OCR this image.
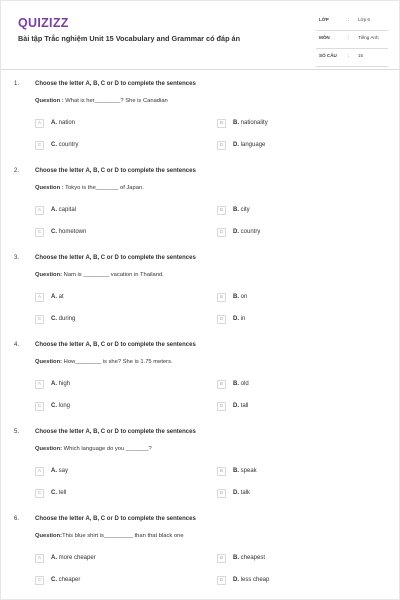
QUIZIZZ
Bài tập Trắc nghiệm Unit 15 Vocabulary and Grammar có đáp án
LỚP	: Lớp 6
MÔN	: Tiếng Anh
SỐ CÂU : 15
1.	Choose the letter A, B, C or D to complete the sentences
Question : What is her________? She is Canadian
A	A. nation	B	B. nationality
C	C. country	D	D. language
2.	Choose the letter A, B, C or D to complete the sentences
Question : Tokyo is the_______ of Japan.
A	A. capital	B	B. city
C	C. hometown	D	D. country
3.	Choose the letter A, B, C or D to complete the sentences
Question: Nam is ________ vacation in Thailand.
A	A. at	B	B. on
C	C. during	D	D. in
4.	Choose the letter A, B, C or D to complete the sentences
Question: How________ is she? She is 1.75 meters.
A	A. high	B	B. old
C	C. long	D	D. tall
5.	Choose the letter A, B, C or D to complete the sentences
Question: Which language do you _______?
A	A. say	B	B. speak
C	C. tell	D	D. talk
6.	Choose the letter A, B, C or D to complete the sentences
Question:This blue shirt is_________ than that black one
A	A. more cheaper	B	B. cheapest
C	C. cheaper	D	D. less cheap
